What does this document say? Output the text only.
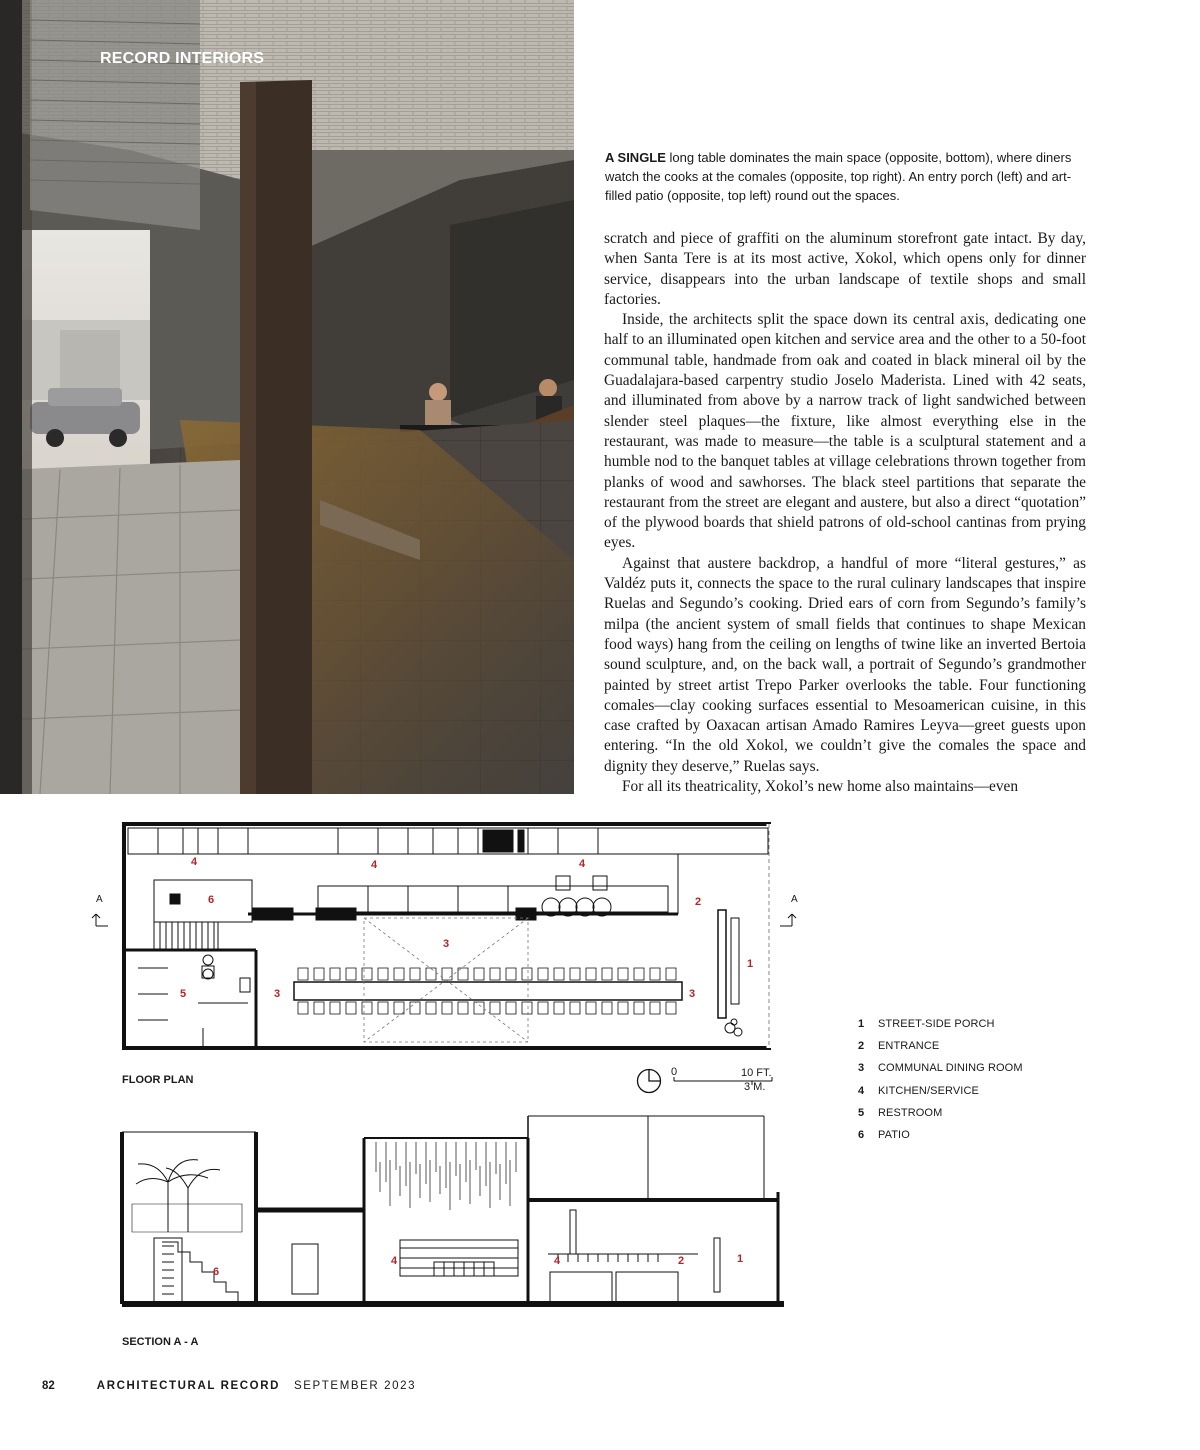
RECORD INTERIORS
A SINGLE long table dominates the main space (opposite, bottom), where diners watch the cooks at the comales (opposite, top right). An entry porch (left) and art-filled patio (opposite, top left) round out the spaces.

scratch and piece of graffiti on the aluminum storefront gate intact. By day, when Santa Tere is at its most active, Xokol, which opens only for dinner service, disappears into the urban landscape of textile shops and small factories.

Inside, the architects split the space down its central axis, dedicating one half to an illuminated open kitchen and service area and the other to a 50-foot communal table, handmade from oak and coated in black mineral oil by the Guadalajara-based carpentry studio Joselo Maderista. Lined with 42 seats, and illuminated from above by a narrow track of light sandwiched between slender steel plaques—the fixture, like almost everything else in the restaurant, was made to measure—the table is a sculptural statement and a humble nod to the banquet tables at village celebrations thrown together from planks of wood and sawhorses. The black steel partitions that separate the restaurant from the street are elegant and austere, but also a direct “quotation” of the plywood boards that shield patrons of old-school cantinas from prying eyes.

Against that austere backdrop, a handful of more “literal gestures,” as Valdéz puts it, connects the space to the rural culinary landscapes that inspire Ruelas and Segundo’s cooking. Dried ears of corn from Segundo’s family’s milpa (the ancient system of small fields that continues to shape Mexican food ways) hang from the ceiling on lengths of twine like an inverted Bertoia sound sculpture, and, on the back wall, a portrait of Segundo’s grandmother painted by street artist Trepo Parker overlooks the table. Four functioning comales—clay cooking surfaces essential to Mesoamerican cuisine, in this case crafted by Oaxacan artisan Amado Ramires Leyva—greet guests upon entering. “In the old Xokol, we couldn’t give the comales the space and dignity they deserve,” Ruelas says.

For all its theatricality, Xokol’s new home also maintains—even

A	A
4	4	4
6	2
3
1
5	3	3
FLOOR PLAN
0	10 FT.
3 M.
6
4	4	2	1
SECTION A - A
1	STREET-SIDE PORCH
2	ENTRANCE
3	COMMUNAL DINING ROOM
4	KITCHEN/SERVICE
5	RESTROOM
6	PATIO
82	ARCHITECTURAL RECORD SEPTEMBER 2023
